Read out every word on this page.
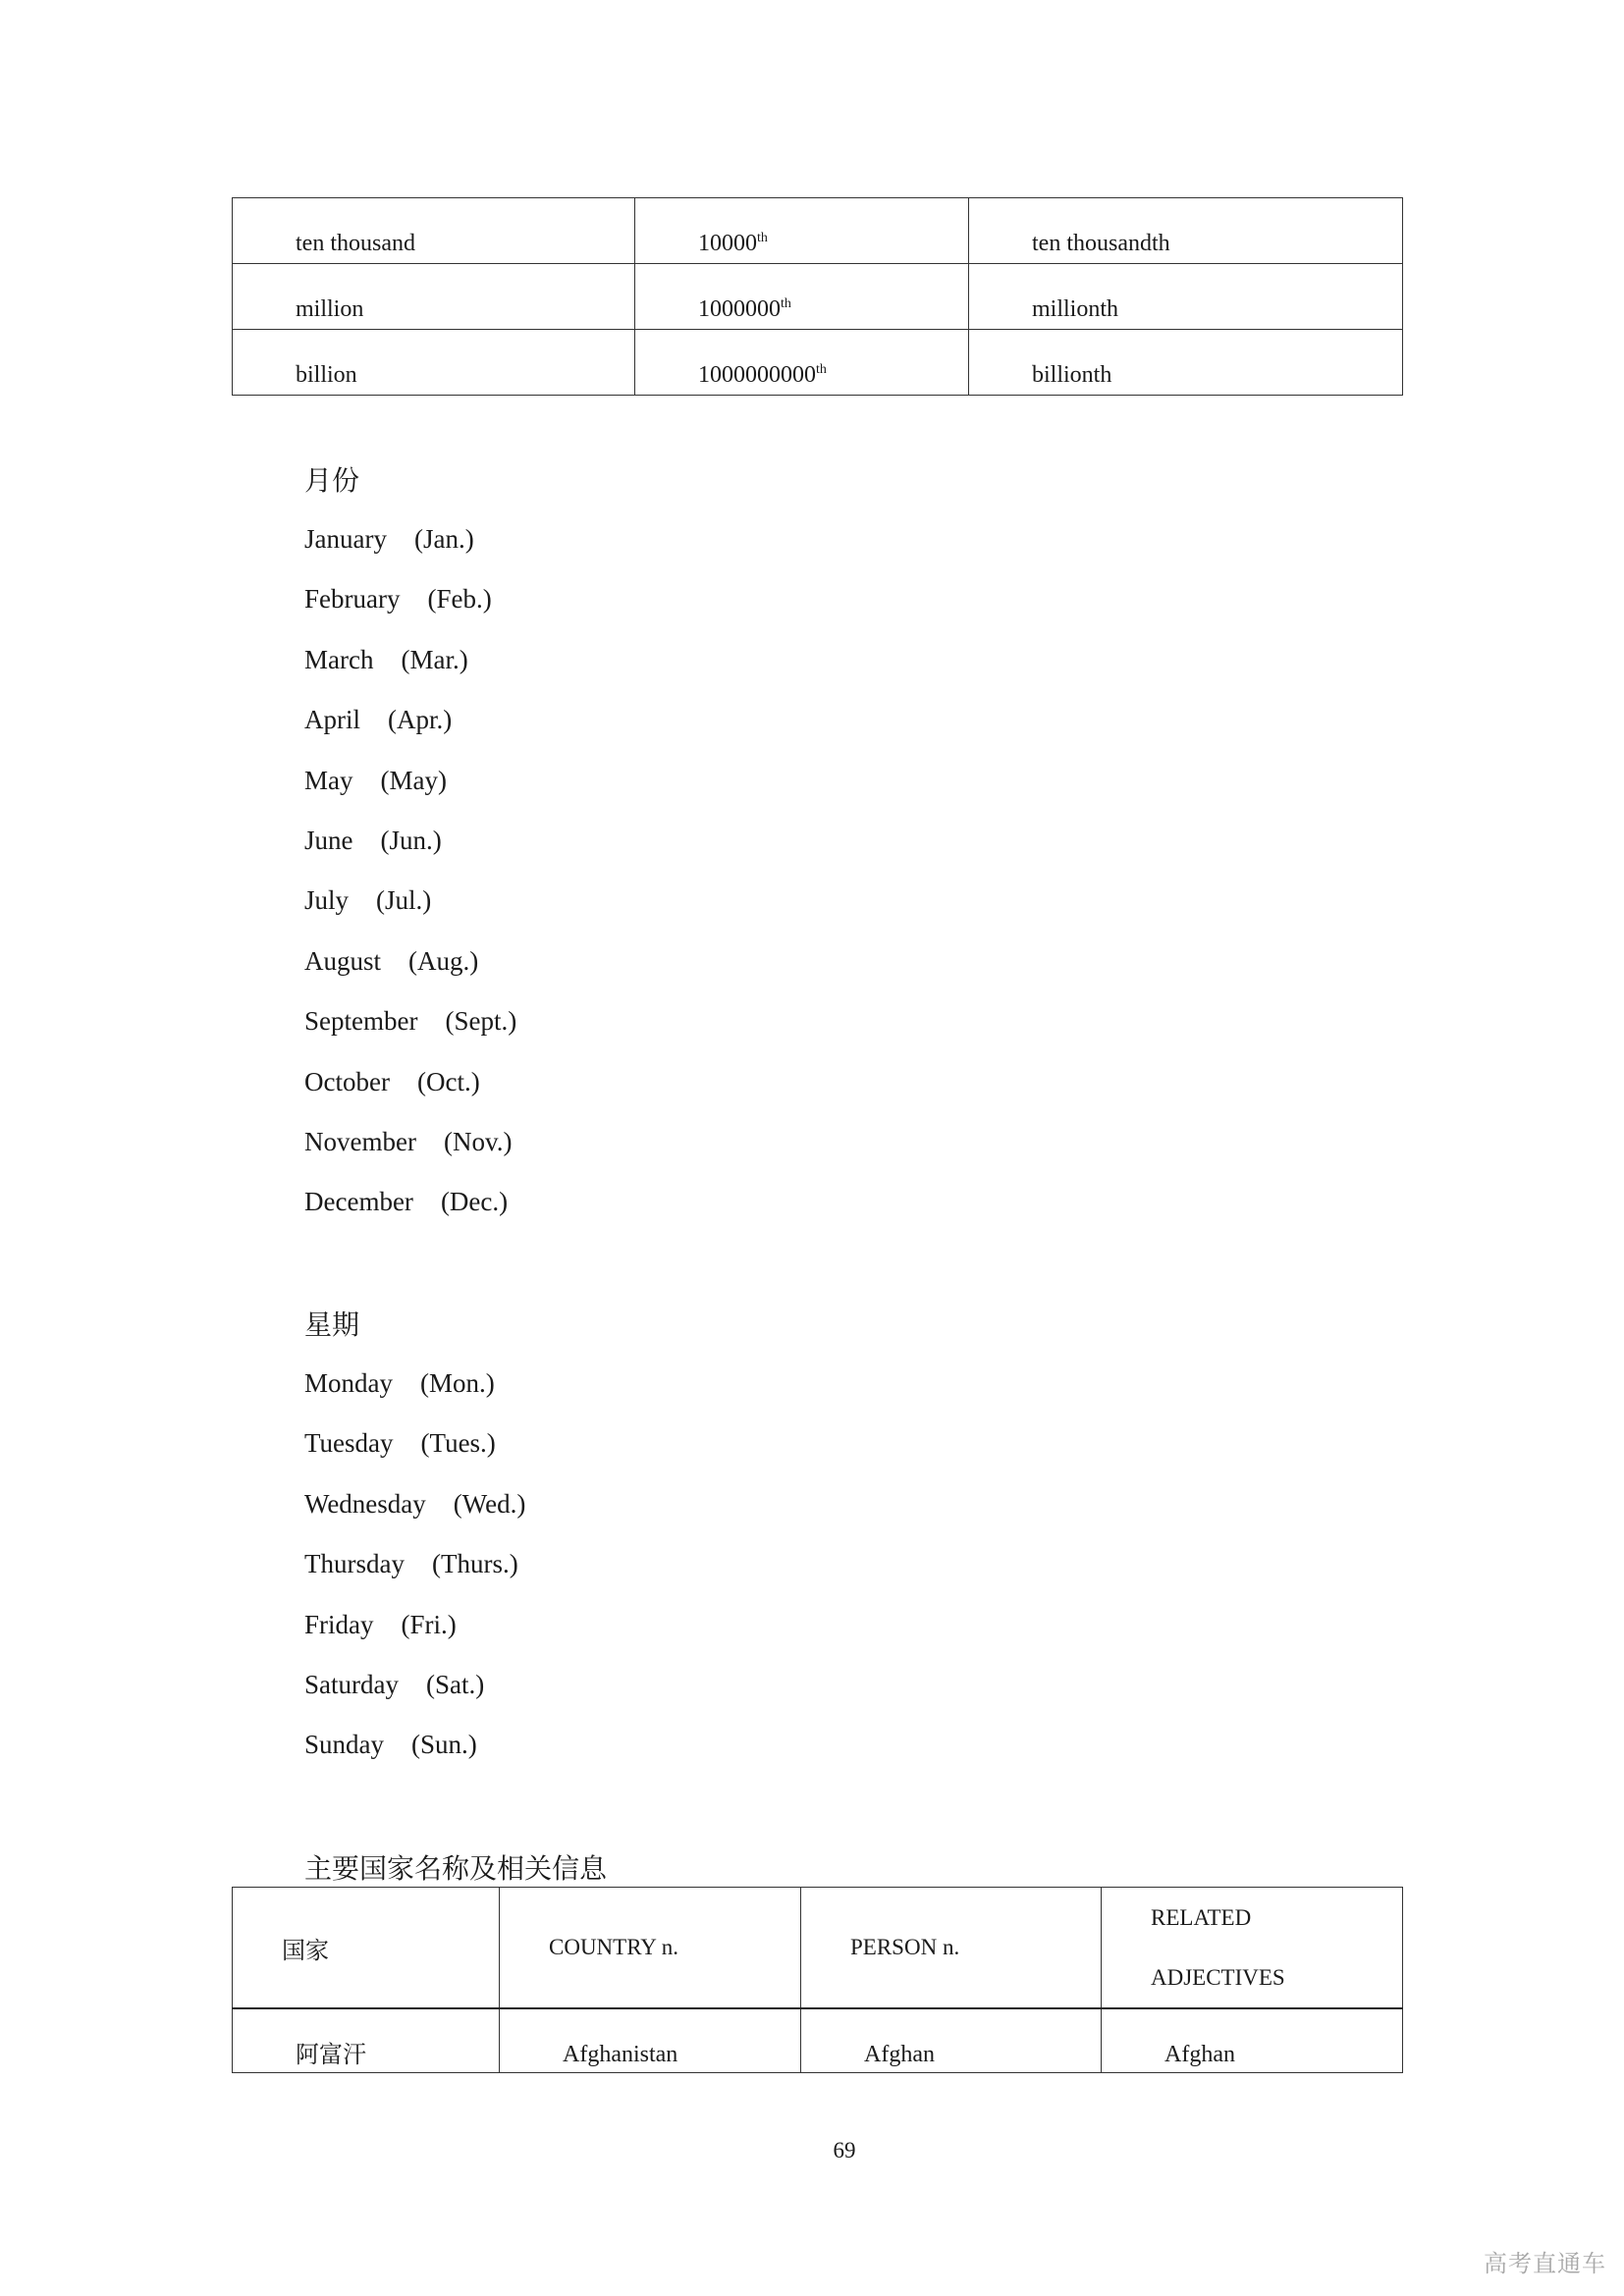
ten thousand	10000th	ten thousandth
million	1000000th	millionth
billion	1000000000th	billionth
月份
January (Jan.)
February (Feb.)
March (Mar.)
April (Apr.)
May (May)
June (Jun.)
July (Jul.)
August (Aug.)
September (Sept.)
October (Oct.)
November (Nov.)
December (Dec.)
星期
Monday (Mon.)
Tuesday (Tues.)
Wednesday (Wed.)
Thursday (Thurs.)
Friday (Fri.)
Saturday (Sat.)
Sunday (Sun.)

主要国家名称及相关信息

国家	COUNTRY n.	PERSON n.	RELATED
ADJECTIVES
阿富汗	Afghanistan	Afghan	Afghan
69
高考直通车
